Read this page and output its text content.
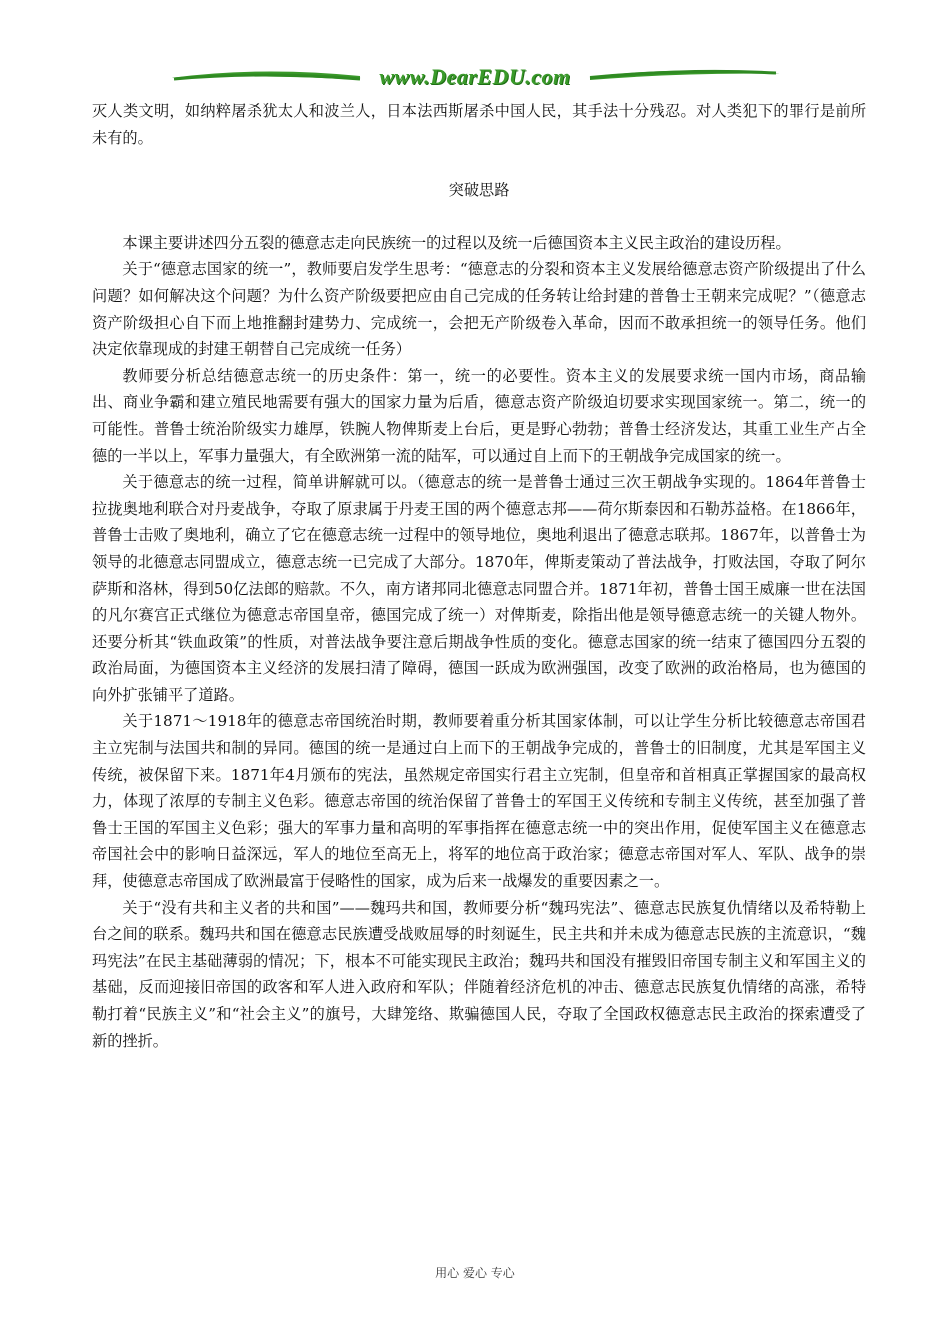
www.DearEDU.com

灭人类文明，如纳粹屠杀犹太人和波兰人，日本法西斯屠杀中国人民，其手法十分残忍。对人类犯下的罪行是前所未有的。

突破思路

本课主要讲述四分五裂的德意志走向民族统一的过程以及统一后德国资本主义民主政治的建设历程。

关于“德意志国家的统一”，教师要启发学生思考：“德意志的分裂和资本主义发展给德意志资产阶级提出了什么问题？如何解决这个问题？为什么资产阶级要把应由自己完成的任务转让给封建的普鲁士王朝来完成呢？”（德意志资产阶级担心自下而上地推翻封建势力、完成统一，会把无产阶级卷入革命，因而不敢承担统一的领导任务。他们决定依靠现成的封建王朝替自己完成统一任务）

教师要分析总结德意志统一的历史条件：第一，统一的必要性。资本主义的发展要求统一国内市场，商品输出、商业争霸和建立殖民地需要有强大的国家力量为后盾，德意志资产阶级迫切要求实现国家统一。第二，统一的可能性。普鲁士统治阶级实力雄厚，铁腕人物俾斯麦上台后，更是野心勃勃；普鲁士经济发达，其重工业生产占全德的一半以上，军事力量强大，有全欧洲第一流的陆军，可以通过自上而下的王朝战争完成国家的统一。

关于德意志的统一过程，简单讲解就可以。（德意志的统一是普鲁士通过三次王朝战争实现的。1864年普鲁士拉拢奥地利联合对丹麦战争，夺取了原隶属于丹麦王国的两个德意志邦——荷尔斯泰因和石勒苏益格。在1866年，普鲁士击败了奥地利，确立了它在德意志统一过程中的领导地位，奥地利退出了德意志联邦。1867年，以普鲁士为领导的北德意志同盟成立，德意志统一已完成了大部分。1870年，俾斯麦策动了普法战争，打败法国，夺取了阿尔萨斯和洛林，得到50亿法郎的赔款。不久，南方诸邦同北德意志同盟合并。1871年初，普鲁士国王威廉一世在法国的凡尔赛宫正式继位为德意志帝国皇帝，德国完成了统一）对俾斯麦，除指出他是领导德意志统一的关键人物外。还要分析其“铁血政策”的性质，对普法战争要注意后期战争性质的变化。德意志国家的统一结束了德国四分五裂的政治局面，为德国资本主义经济的发展扫清了障碍，德国一跃成为欧洲强国，改变了欧洲的政治格局，也为德国的向外扩张铺平了道路。

关于1871～1918年的德意志帝国统治时期，教师要着重分析其国家体制，可以让学生分析比较德意志帝国君主立宪制与法国共和制的异同。德国的统一是通过白上而下的王朝战争完成的，普鲁士的旧制度，尤其是军国主义传统，被保留下来。1871年4月颁布的宪法，虽然规定帝国实行君主立宪制，但皇帝和首相真正掌握国家的最高权力，体现了浓厚的专制主义色彩。德意志帝国的统治保留了普鲁士的军国王义传统和专制主义传统，甚至加强了普鲁士王国的军国主义色彩；强大的军事力量和高明的军事指挥在德意志统一中的突出作用，促使军国主义在德意志帝国社会中的影响日益深远，军人的地位至高无上，将军的地位高于政治家；德意志帝国对军人、军队、战争的崇拜，使德意志帝国成了欧洲最富于侵略性的国家，成为后来一战爆发的重要因素之一。

关于“没有共和主义者的共和国”——魏玛共和国，教师要分析“魏玛宪法”、德意志民族复仇情绪以及希特勒上台之间的联系。魏玛共和国在德意志民族遭受战败屈辱的时刻诞生，民主共和并未成为德意志民族的主流意识，“魏玛宪法”在民主基础薄弱的情况；下，根本不可能实现民主政治；魏玛共和国没有摧毁旧帝国专制主义和军国主义的基础，反而迎接旧帝国的政客和军人进入政府和军队；伴随着经济危机的冲击、德意志民族复仇情绪的高涨，希特勒打着“民族主义”和“社会主义”的旗号，大肆笼络、欺骗德国人民，夺取了全国政权德意志民主政治的探索遭受了新的挫折。

用心 爱心 专心
